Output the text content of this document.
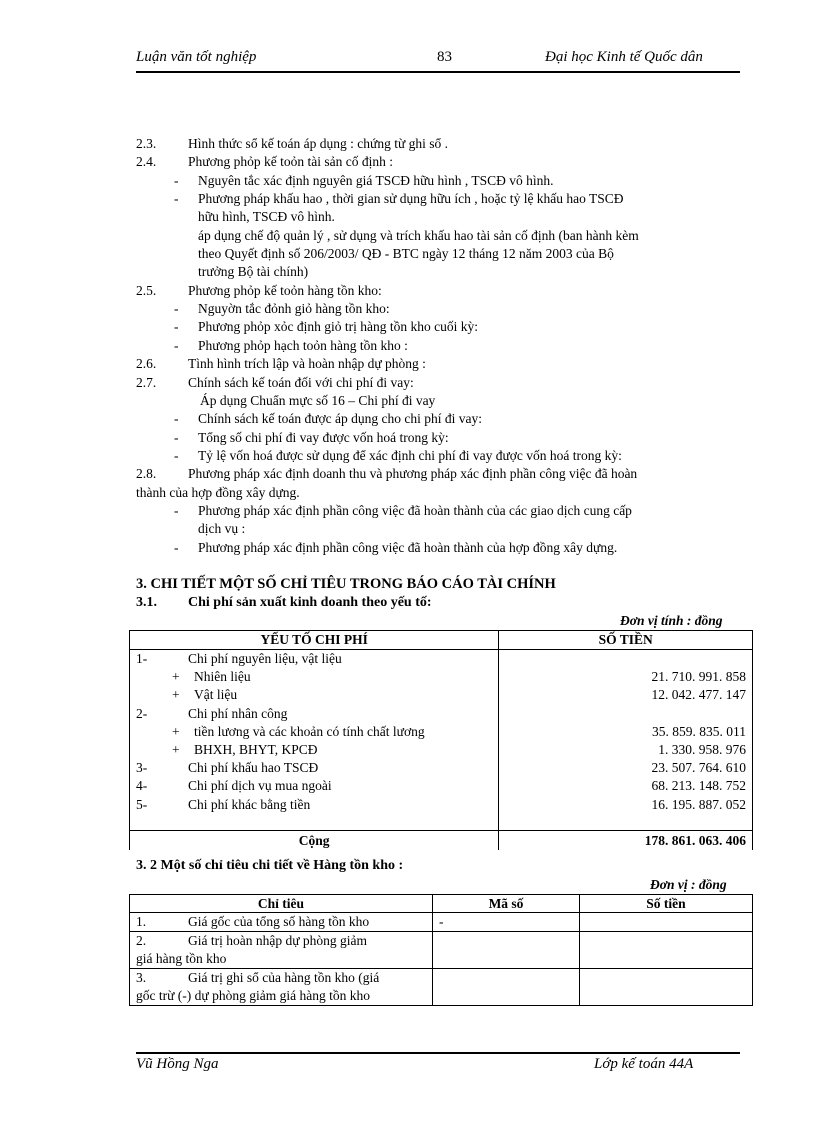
Luận văn tốt nghiệp	83	Đại học Kinh tế Quốc dân
2.3. Hình thức sổ kế toán áp dụng : chứng từ ghi sổ .
2.4. Phương phỏp kế toỏn tài sản cố định :
- Nguyên tắc xác định nguyên giá TSCĐ hữu hình , TSCĐ vô hình.
- Phương pháp khấu hao , thời gian sử dụng hữu ích , hoặc tỷ lệ khấu hao TSCĐ
hữu hình, TSCĐ vô hình.
áp dụng chế độ quản lý , sử dụng và trích khấu hao tài sản cố định (ban hành kèm
theo Quyết định số 206/2003/ QĐ - BTC ngày 12 tháng 12 năm 2003 của Bộ
trưởng Bộ tài chính)
2.5. Phương phỏp kế toỏn hàng tồn kho:
- Nguyờn tắc đỏnh giỏ hàng tồn kho:
- Phương phỏp xỏc định giỏ trị hàng tồn kho cuối kỳ:
- Phương phỏp hạch toỏn hàng tồn kho :
2.6. Tình hình trích lập và hoàn nhập dự phòng :
2.7. Chính sách kế toán đối với chi phí đi vay:
Áp dụng Chuẩn mực số 16 – Chi phí đi vay
- Chính sách kế toán được áp dụng cho chi phí đi vay:
- Tổng số chi phí đi vay được vốn hoá trong kỳ:
- Tỷ lệ vốn hoá được sử dụng để xác định chi phí đi vay được vốn hoá trong kỳ:
2.8. Phương pháp xác định doanh thu và phương pháp xác định phần công việc đã hoàn
thành của hợp đồng xây dựng.
- Phương pháp xác định phần công việc đã hoàn thành của các giao dịch cung cấp
dịch vụ :
- Phương pháp xác định phần công việc đã hoàn thành của hợp đồng xây dựng.
3. CHI TIẾT MỘT SỐ CHỈ TIÊU TRONG BÁO CÁO TÀI CHÍNH
3.1. Chi phí sản xuất kinh doanh theo yếu tố:
Đơn vị tính : đồng
YẾU TỐ CHI PHÍ	SỐ TIỀN
1- Chi phí nguyên liệu, vật liệu	
+ Nhiên liệu	21. 710. 991. 858
+ Vật liệu	12. 042. 477. 147
2- Chi phí nhân công	
+ tiền lương và các khoản có tính chất lương	35. 859. 835. 011
+ BHXH, BHYT, KPCĐ	1. 330. 958. 976
3- Chi phí khấu hao TSCĐ	23. 507. 764. 610
4- Chi phí dịch vụ mua ngoài	68. 213. 148. 752
5- Chi phí khác bằng tiền	16. 195. 887. 052

Cộng	178. 861. 063. 406
3. 2 Một số chỉ tiêu chi tiết về Hàng tồn kho :
Đơn vị : đồng
Chỉ tiêu	Mã số	Số tiền
1. Giá gốc của tổng số hàng tồn kho	-	
2. Giá trị hoàn nhập dự phòng giảm
giá hàng tồn kho		
3. Giá trị ghi sổ của hàng tồn kho (giá
gốc trừ (-) dự phòng giảm giá hàng tồn kho		
Vũ Hồng Nga	Lớp kế toán 44A
